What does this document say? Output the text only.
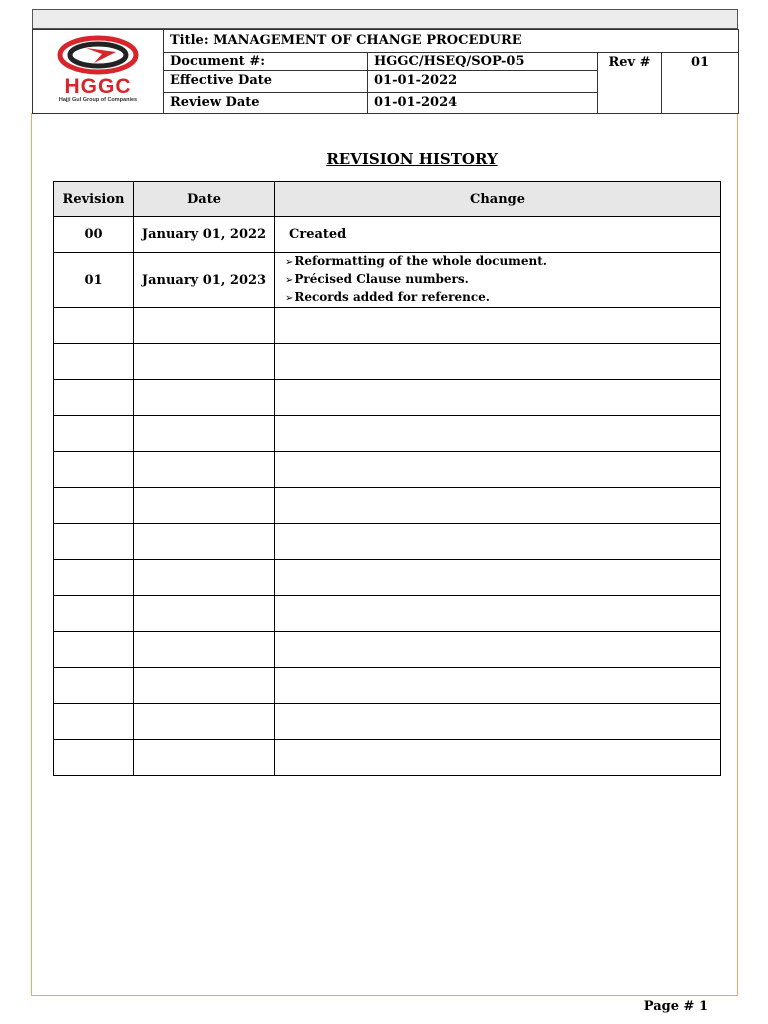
HGGC
Hajji Gul Group of Companies	Title: MANAGEMENT OF CHANGE PROCEDURE			
	Document #:	HGGC/HSEQ/SOP-05	Rev #	01
	Effective Date	01-01-2022		
	Review Date	01-01-2024		
REVISION HISTORY
Revision	Date	Change
00	January 01, 2022	Created
01	January 01, 2023	➢Reformatting of the whole document.
➢Précised Clause numbers.
➢Records added for reference.

Page # 1
